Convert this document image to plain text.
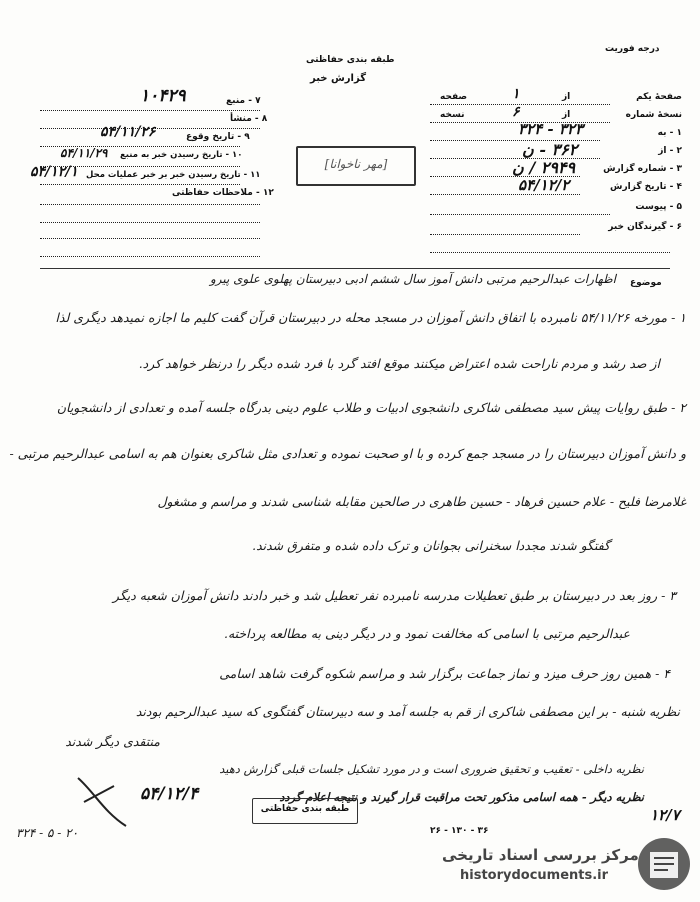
درجه فوریت
طبقه بندی حفاظتی
گزارش خبر
صفحهٔ یکم
از
۱
صفحه
نسخهٔ شماره
از
۶
نسخه
۱ - به
۳۲۴ - ۳۲۳
۲ - از
۳۶۲ - ن
۳ - شماره گزارش
۲۹۴۹ / ن
۴ - تاریخ گزارش
۵۴/۱۲/۲
۵ - پیوست
۶ - گیرندگان خبر
۷ - منبع
۱۰۴۲۹
۸ - منشأ
۹ - تاریخ وقوع
۵۴/۱۱/۲۶
۱۰ - تاریخ رسیدن خبر به منبع
۵۴/۱۱/۲۹
۱۱ - تاریخ رسیدن خبر بر خبر عملیات محل
۵۴/۱۲/۱
۱۲ - ملاحظات حفاظتی
[مهر ناخوانا]
موضوع
اظهارات عبدالرحیم مرتبی دانش آموز سال ششم ادبی دبیرستان پهلوی علوی پیرو
۱ - مورخه ۵۴/۱۱/۲۶ نامبرده با اتفاق دانش آموزان در مسجد محله در دبیرستان قرآن گفت کلیم ما اجازه نمیدهد دیگری لذا
از صد رشد و مردم ناراحت شده اعتراض میکنند موقع افتد گرد با فرد شده دیگر را درنظر خواهد کرد.
۲ - طبق روایات پیش سید مصطفی شاکری دانشجوی ادبیات و طلاب علوم دینی بدرگاه جلسه آمده و تعدادی از دانشجویان
و دانش آموزان دبیرستان را در مسجد جمع کرده و با او صحبت نموده و تعدادی مثل شاکری بعنوان هم به اسامی عبدالرحیم مرتبی -
غلامرضا فلیح - علام حسین فرهاد - حسین طاهری در صالحین مقابله شناسی شدند و مراسم و مشغول
گفتگو شدند مجددا سخنرانی بجوانان و ترک داده شده و متفرق شدند.
۳ - روز بعد در دبیرستان بر طبق تعطیلات مدرسه نامبرده نفر تعطیل شد و خبر دادند دانش آموزان شعبه دیگر
عبدالرحیم مرتبی با اسامی که مخالفت نمود و در دیگر دینی به مطالعه پرداخته.
۴ - همین روز حرف میزد و نماز جماعت برگزار شد و مراسم شکوه گرفت شاهد اسامی
نظریه شنبه - بر این مصطفی شاکری از قم به جلسه آمد و سه دبیرستان گفتگوی که سید عبدالرحیم بودند
منتقدی دیگر شدند
نظریه داخلی - تعقیب و تحقیق ضروری است و در مورد تشکیل جلسات قبلی گزارش دهید
نظریه دیگر - همه اسامی مذکور تحت مراقبت قرار گیرند و نتیجه اعلام گردد
طبقه بندی حفاظتی
۵۴/۱۲/۴
۲۶ - ۱۳۰ - ۳۶
۳۲۴ - ۵ - ۲۰
۱۲/۷
مرکز بررسی اسناد تاریخی
historydocuments.ir
